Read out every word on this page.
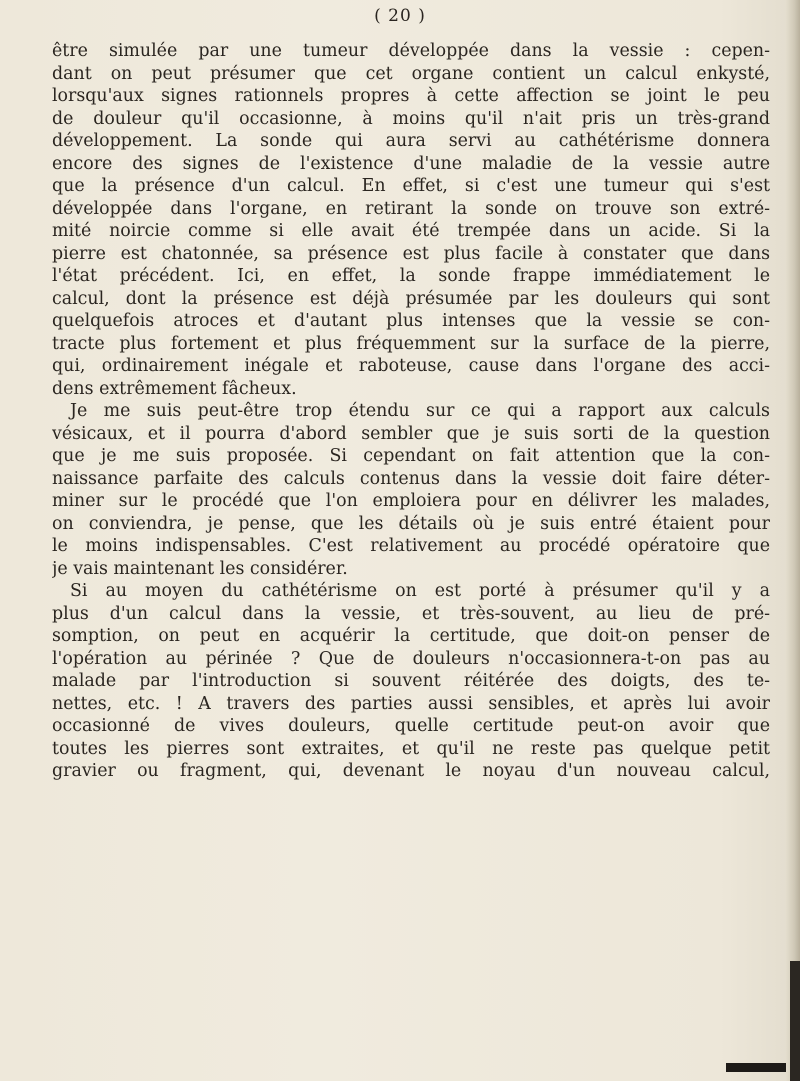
( 20 )
être simulée par une tumeur développée dans la vessie : cepen-
dant on peut présumer que cet organe contient un calcul enkysté,
lorsqu'aux signes rationnels propres à cette affection se joint le peu
de douleur qu'il occasionne, à moins qu'il n'ait pris un très-grand
développement. La sonde qui aura servi au cathétérisme donnera
encore des signes de l'existence d'une maladie de la vessie autre
que la présence d'un calcul. En effet, si c'est une tumeur qui s'est
développée dans l'organe, en retirant la sonde on trouve son extré-
mité noircie comme si elle avait été trempée dans un acide. Si la
pierre est chatonnée, sa présence est plus facile à constater que dans
l'état précédent. Ici, en effet, la sonde frappe immédiatement le
calcul, dont la présence est déjà présumée par les douleurs qui sont
quelquefois atroces et d'autant plus intenses que la vessie se con-
tracte plus fortement et plus fréquemment sur la surface de la pierre,
qui, ordinairement inégale et raboteuse, cause dans l'organe des acci-
dens extrêmement fâcheux.
Je me suis peut-être trop étendu sur ce qui a rapport aux calculs
vésicaux, et il pourra d'abord sembler que je suis sorti de la question
que je me suis proposée. Si cependant on fait attention que la con-
naissance parfaite des calculs contenus dans la vessie doit faire déter-
miner sur le procédé que l'on emploiera pour en délivrer les malades,
on conviendra, je pense, que les détails où je suis entré étaient pour
le moins indispensables. C'est relativement au procédé opératoire que
je vais maintenant les considérer.
Si au moyen du cathétérisme on est porté à présumer qu'il y a
plus d'un calcul dans la vessie, et très-souvent, au lieu de pré-
somption, on peut en acquérir la certitude, que doit-on penser de
l'opération au périnée ? Que de douleurs n'occasionnera-t-on pas au
malade par l'introduction si souvent réitérée des doigts, des te-
nettes, etc. ! A travers des parties aussi sensibles, et après lui avoir
occasionné de vives douleurs, quelle certitude peut-on avoir que
toutes les pierres sont extraites, et qu'il ne reste pas quelque petit
gravier ou fragment, qui, devenant le noyau d'un nouveau calcul,
